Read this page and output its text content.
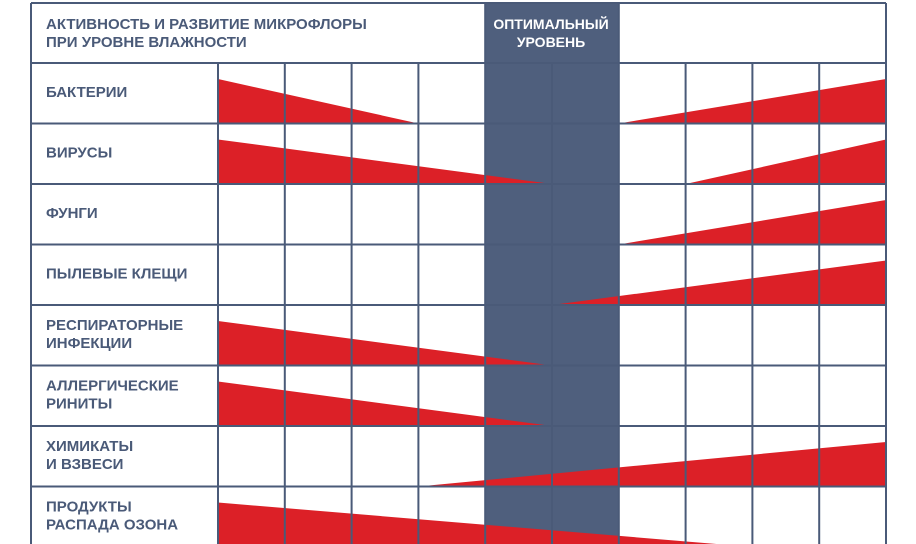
АКТИВНОСТЬ И РАЗВИТИЕ МИКРОФЛОРЫ
ПРИ УРОВНЕ ВЛАЖНОСТИ
ОПТИМАЛЬНЫЙ
УРОВЕНЬ
БАКТЕРИИ
ВИРУСЫ
ФУНГИ
ПЫЛЕВЫЕ КЛЕЩИ
РЕСПИРАТОРНЫЕ
ИНФЕКЦИИ
АЛЛЕРГИЧЕСКИЕ
РИНИТЫ
ХИМИКАТЫ
И ВЗВЕСИ
ПРОДУКТЫ
РАСПАДА ОЗОНА
